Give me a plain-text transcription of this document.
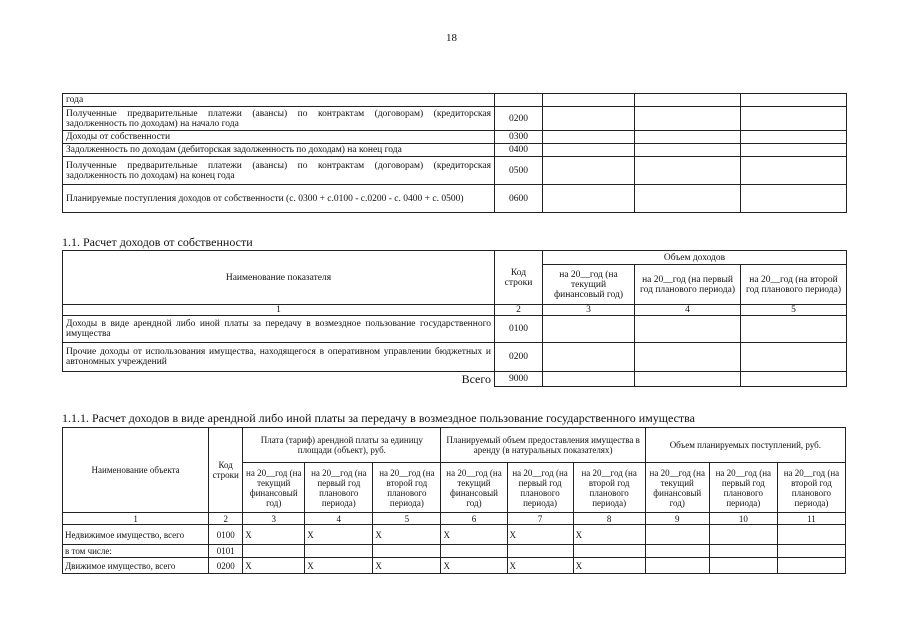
18
года				
Полученные предварительные платежи (авансы) по контрактам (договорам) (кредиторская задолженность по доходам) на начало года	0200			
Доходы от собственности	0300			
Задолженность по доходам (дебиторская задолженность по доходам) на конец года	0400			
Полученные предварительные платежи (авансы) по контрактам (договорам) (кредиторская задолженность по доходам) на конец года	0500			
Планируемые поступления доходов от собственности (с. 0300 + с.0100 - с.0200 - с. 0400 + с. 0500)	0600			
1.1. Расчет доходов от собственности
Наименование показателя	Код строки	Объем доходов		
		на 20__год (на текущий финансовый год)	на 20__год (на первый год планового периода)	на 20__год (на второй год планового периода)
1	2	3	4	5
Доходы в виде арендной либо иной платы за передачу в возмездное пользование государственного имущества	0100			
Прочие доходы от использования имущества, находящегося в оперативном управлении бюджетных и автономных учреждений	0200			
Всего	9000			
1.1.1. Расчет доходов в виде арендной либо иной платы за передачу в возмездное пользование государственного имущества
Наименование объекта	Код строки	Плата (тариф) арендной платы за единицу площади (объект), руб.			Планируемый объем предоставления имущества в аренду (в натуральных показателях)			Объем планируемых поступлений, руб.		
		на 20__год (на текущий финансовый год)	на 20__год (на первый год планового периода)	на 20__год (на второй год планового периода)	на 20__год (на текущий финансовый год)	на 20__год (на первый год планового периода)	на 20__год (на второй год планового периода)	на 20__год (на текущий финансовый год)	на 20__год (на первый год планового периода)	на 20__год (на второй год планового периода)
1	2	3	4	5	6	7	8	9	10	11
Недвижимое имущество, всего	0100	X	X	X	X	X	X			
в том числе:	0101									
Движимое имущество, всего	0200	X	X	X	X	X	X			
